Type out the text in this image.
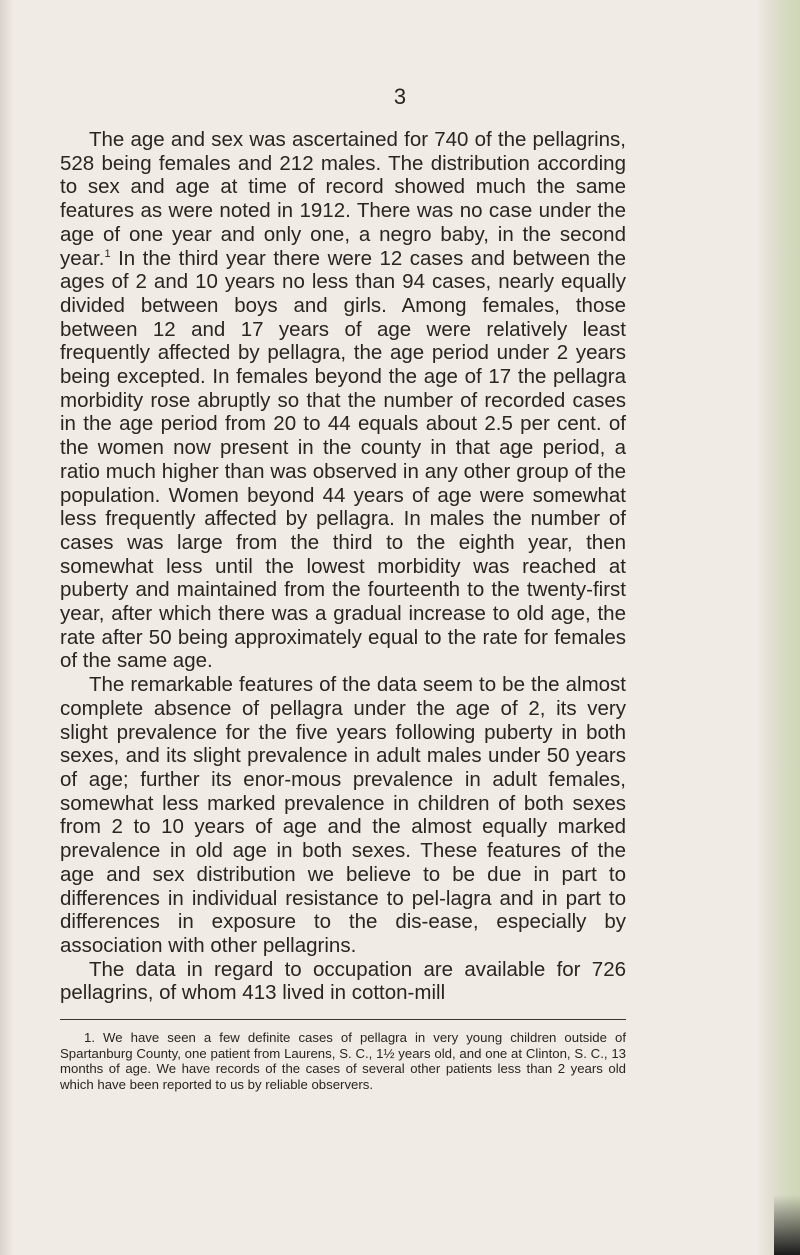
3

The age and sex was ascertained for 740 of the pellagrins, 528 being females and 212 males. The distribution according to sex and age at time of record showed much the same features as were noted in 1912. There was no case under the age of one year and only one, a negro baby, in the second year.$^1$ In the third year there were 12 cases and between the ages of 2 and 10 years no less than 94 cases, nearly equally divided between boys and girls. Among females, those between 12 and 17 years of age were relatively least frequently affected by pellagra, the age period under 2 years being excepted. In females beyond the age of 17 the pellagra morbidity rose abruptly so that the number of recorded cases in the age period from 20 to 44 equals about 2.5 per cent. of the women now present in the county in that age period, a ratio much higher than was observed in any other group of the population. Women beyond 44 years of age were somewhat less frequently affected by pellagra. In males the number of cases was large from the third to the eighth year, then somewhat less until the lowest morbidity was reached at puberty and maintained from the fourteenth to the twenty-first year, after which there was a gradual increase to old age, the rate after 50 being approximately equal to the rate for females of the same age.

The remarkable features of the data seem to be the almost complete absence of pellagra under the age of 2, its very slight prevalence for the five years following puberty in both sexes, and its slight prevalence in adult males under 50 years of age; further its enor-mous prevalence in adult females, somewhat less marked prevalence in children of both sexes from 2 to 10 years of age and the almost equally marked prevalence in old age in both sexes. These features of the age and sex distribution we believe to be due in part to differences in individual resistance to pel-lagra and in part to differences in exposure to the dis-ease, especially by association with other pellagrins.

The data in regard to occupation are available for 726 pellagrins, of whom 413 lived in cotton-mill

1. We have seen a few definite cases of pellagra in very young children outside of Spartanburg County, one patient from Laurens, S. C., 1½ years old, and one at Clinton, S. C., 13 months of age. We have records of the cases of several other patients less than 2 years old which have been reported to us by reliable observers.
